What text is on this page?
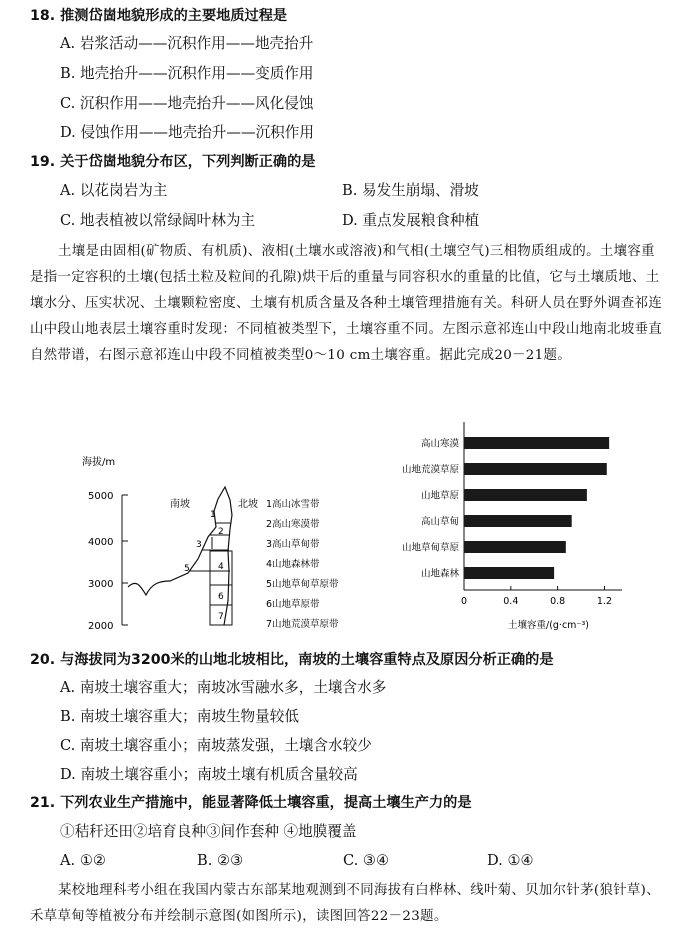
18. 推测岱崮地貌形成的主要地质过程是
A. 岩浆活动——沉积作用——地壳抬升
B. 地壳抬升——沉积作用——变质作用
C. 沉积作用——地壳抬升——风化侵蚀
D. 侵蚀作用——地壳抬升——沉积作用
19. 关于岱崮地貌分布区，下列判断正确的是
A. 以花岗岩为主	B. 易发生崩塌、滑坡
C. 地表植被以常绿阔叶林为主	D. 重点发展粮食种植
土壤是由固相(矿物质、有机质)、液相(土壤水或溶液)和气相(土壤空气)三相物质组成的。土壤容重是指一定容积的土壤(包括土粒及粒间的孔隙)烘干后的重量与同容积水的重量的比值，它与土壤质地、土壤水分、压实状况、土壤颗粒密度、土壤有机质含量及各种土壤管理措施有关。科研人员在野外调查祁连山中段山地表层土壤容重时发现：不同植被类型下，土壤容重不同。左图示意祁连山中段山地南北坡垂直自然带谱，右图示意祁连山中段不同植被类型0～10 cm土壤容重。据此完成20－21题。
海拔/m
5000
4000
3000
2000
1
2
3
4
5
6
7
南坡	北坡 1高山冰雪带
2高山寒漠带
3高山草甸带
4山地森林带
5山地草甸草原带
6山地草原带
7山地荒漠草原带
高山寒漠
山地荒漠草原
山地草原
高山草甸
山地草甸草原
山地森林
0	0.4	0.8	1.2
土壤容重/(g·cm⁻³)
20. 与海拔同为3200米的山地北坡相比，南坡的土壤容重特点及原因分析正确的是
A. 南坡土壤容重大；南坡冰雪融水多，土壤含水多
B. 南坡土壤容重大；南坡生物量较低
C. 南坡土壤容重小；南坡蒸发强，土壤含水较少
D. 南坡土壤容重小；南坡土壤有机质含量较高
21. 下列农业生产措施中，能显著降低土壤容重，提高土壤生产力的是
①秸秆还田②培育良种③间作套种 ④地膜覆盖
A. ①②	B. ②③	C. ③④	D. ①④
某校地理科考小组在我国内蒙古东部某地观测到不同海拔有白桦林、线叶菊、贝加尔针茅(狼针草)、禾草草甸等植被分布并绘制示意图(如图所示)，读图回答22－23题。
